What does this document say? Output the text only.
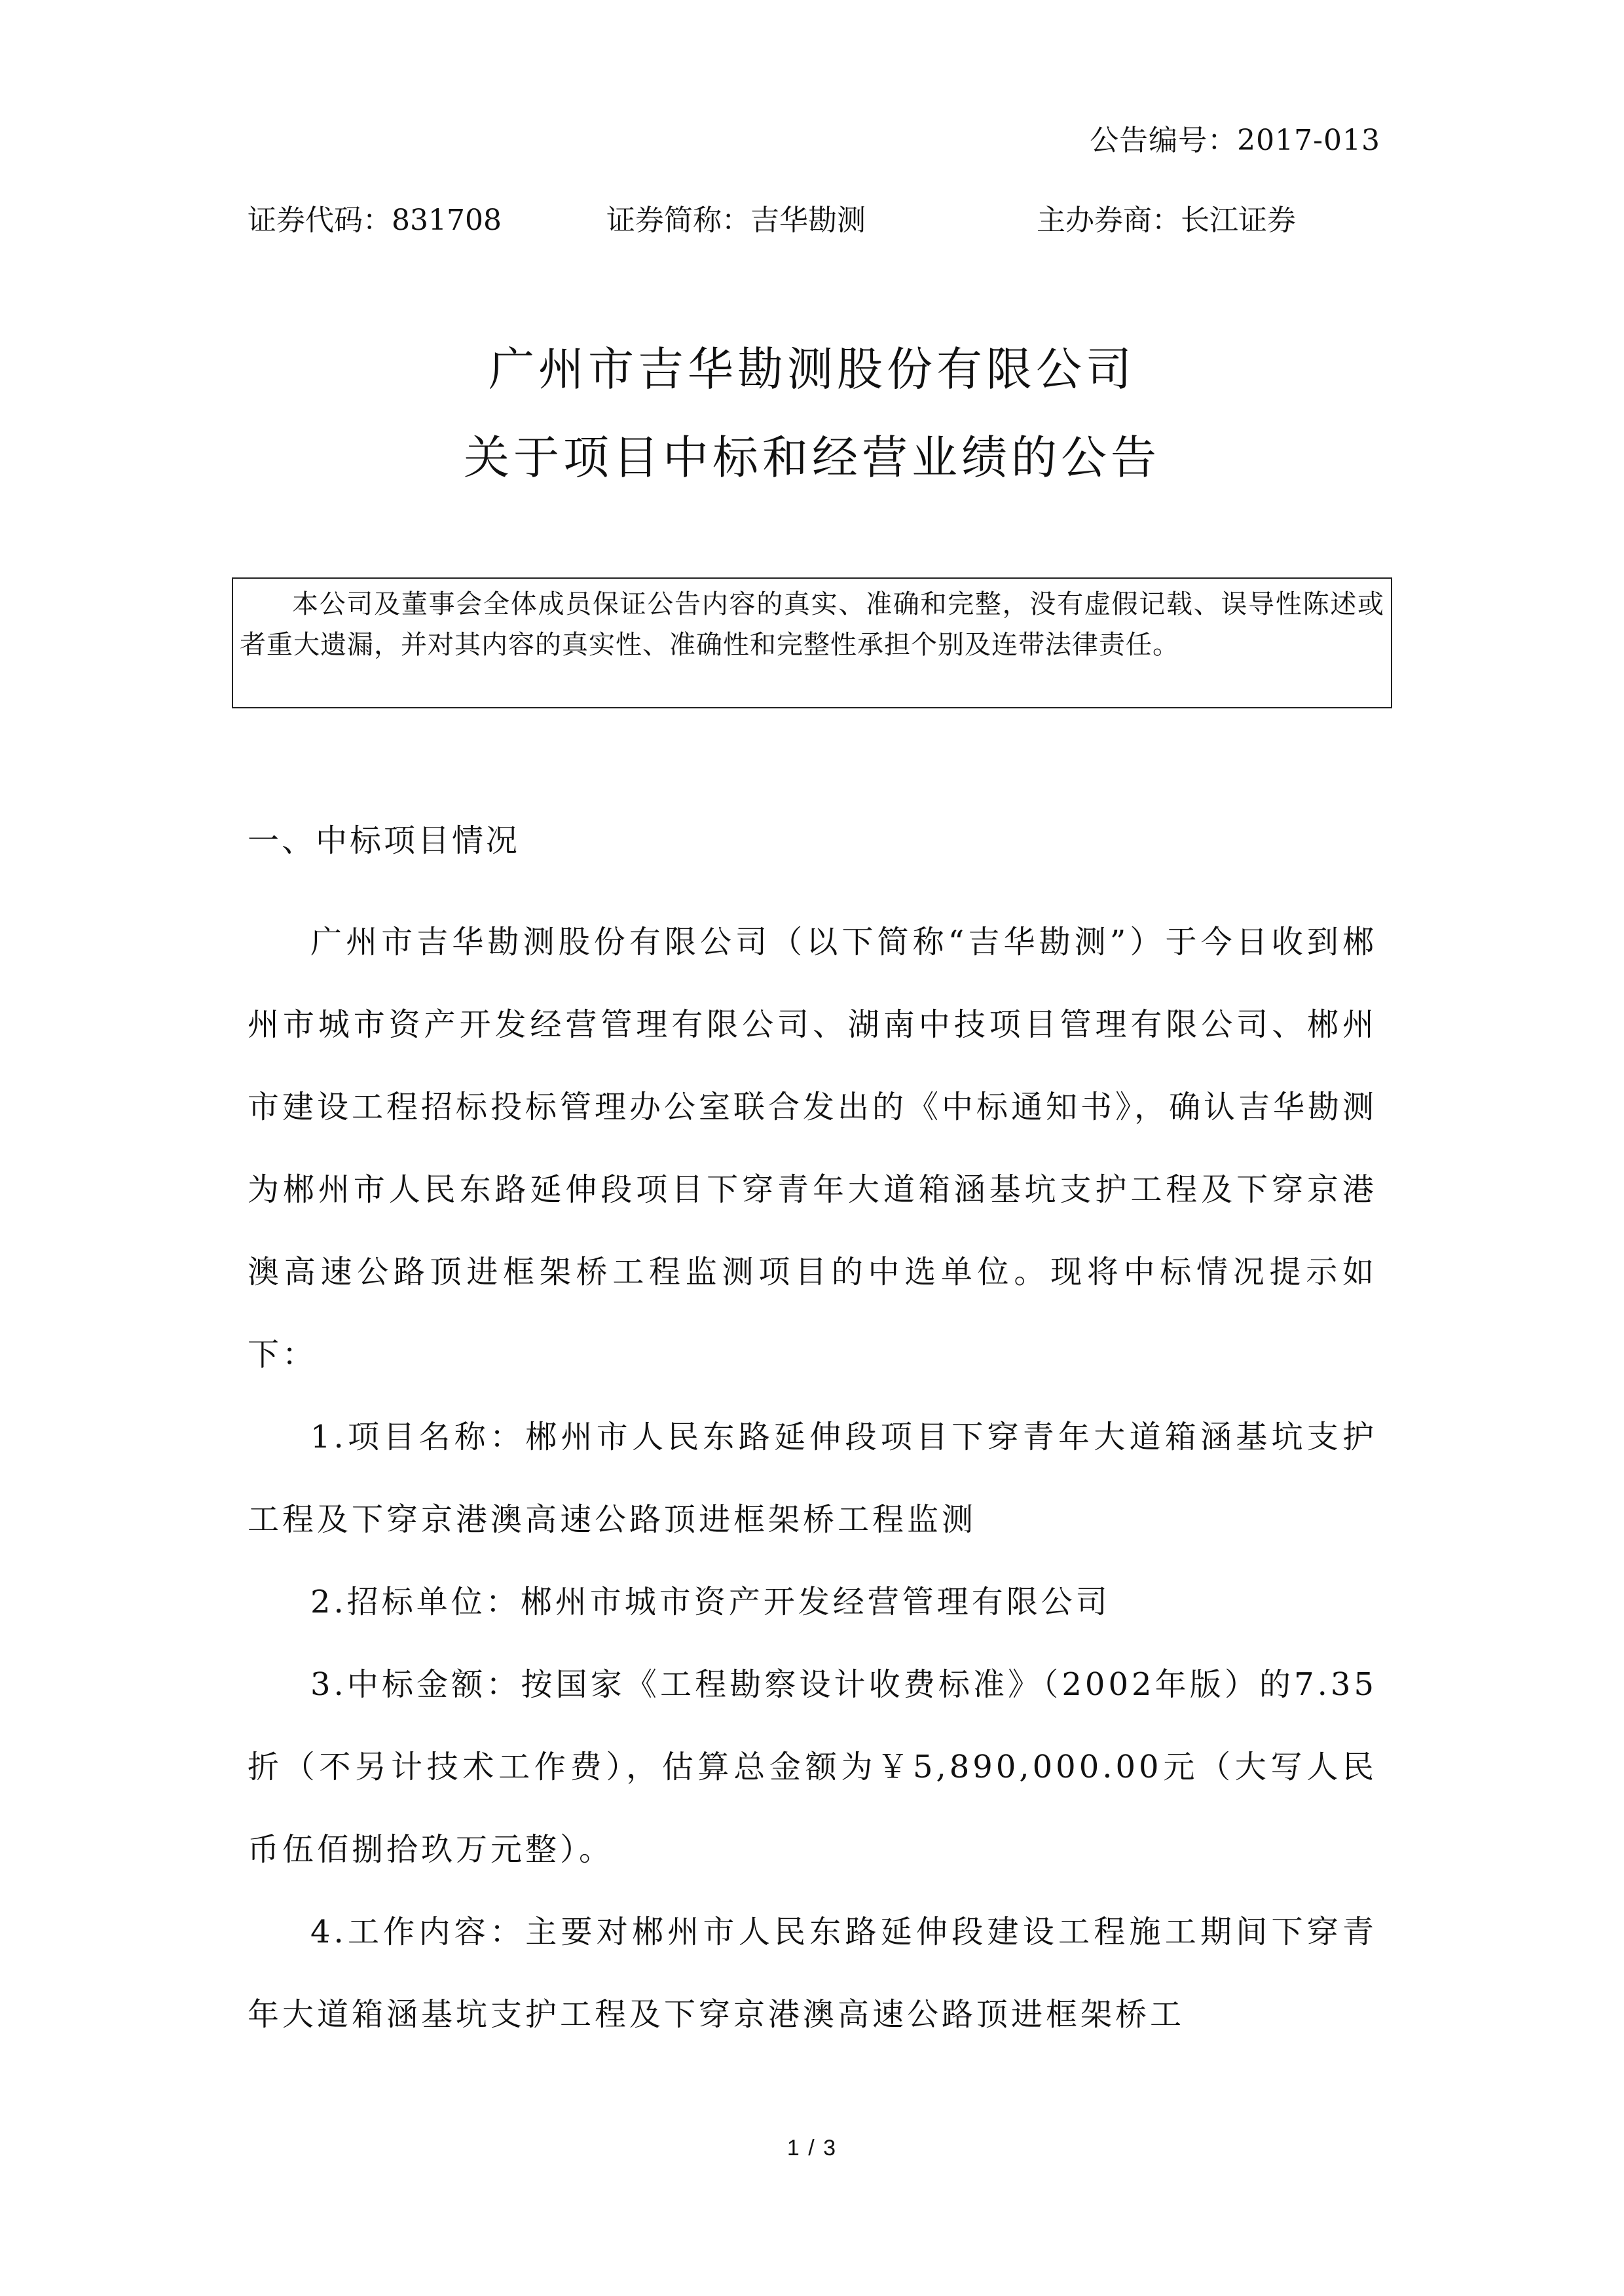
公告编号：2017-013
证券代码：831708	证券简称：吉华勘测	主办券商：长江证券
广州市吉华勘测股份有限公司
关于项目中标和经营业绩的公告

本公司及董事会全体成员保证公告内容的真实、准确和完整，没有虚假记载、误导性陈述或者重大遗漏，并对其内容的真实性、准确性和完整性承担个别及连带法律责任。

一、中标项目情况

广州市吉华勘测股份有限公司（以下简称“吉华勘测”）于今日收到郴州市城市资产开发经营管理有限公司、湖南中技项目管理有限公司、郴州市建设工程招标投标管理办公室联合发出的《中标通知书》，确认吉华勘测为郴州市人民东路延伸段项目下穿青年大道箱涵基坑支护工程及下穿京港澳高速公路顶进框架桥工程监测项目的中选单位。现将中标情况提示如下：

1.项目名称：郴州市人民东路延伸段项目下穿青年大道箱涵基坑支护工程及下穿京港澳高速公路顶进框架桥工程监测

2.招标单位：郴州市城市资产开发经营管理有限公司

3.中标金额：按国家《工程勘察设计收费标准》（2002年版）的7.35折（不另计技术工作费），估算总金额为￥5,890,000.00元（大写人民币伍佰捌拾玖万元整）。

4.工作内容：主要对郴州市人民东路延伸段建设工程施工期间下穿青年大道箱涵基坑支护工程及下穿京港澳高速公路顶进框架桥工

1 / 3
